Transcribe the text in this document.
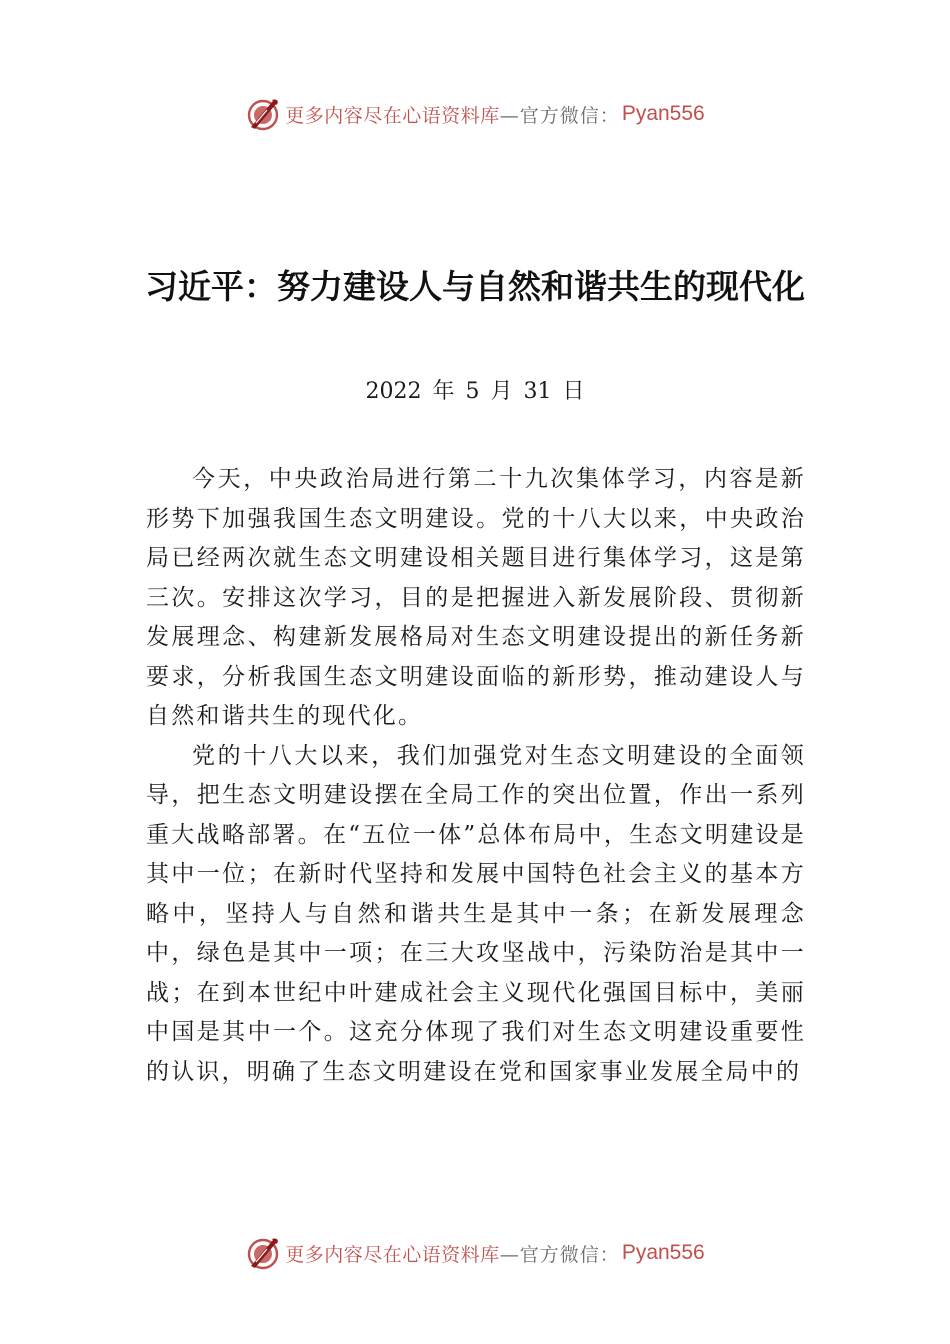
更多内容尽在心语资料库 —官方微信： Pyan556
习近平：努力建设人与自然和谐共生的现代化
2022 年 5 月 31 日

今天，中央政治局进行第二十九次集体学习，内容是新形势下加强我国生态文明建设。党的十八大以来，中央政治局已经两次就生态文明建设相关题目进行集体学习，这是第三次。安排这次学习，目的是把握进入新发展阶段、贯彻新发展理念、构建新发展格局对生态文明建设提出的新任务新要求，分析我国生态文明建设面临的新形势，推动建设人与自然和谐共生的现代化。

党的十八大以来，我们加强党对生态文明建设的全面领导，把生态文明建设摆在全局工作的突出位置，作出一系列重大战略部署。在“五位一体”总体布局中，生态文明建设是其中一位；在新时代坚持和发展中国特色社会主义的基本方略中，坚持人与自然和谐共生是其中一条；在新发展理念中，绿色是其中一项；在三大攻坚战中，污染防治是其中一战；在到本世纪中叶建成社会主义现代化强国目标中，美丽中国是其中一个。这充分体现了我们对生态文明建设重要性的认识，明确了生态文明建设在党和国家事业发展全局中的

更多内容尽在心语资料库 —官方微信： Pyan556
